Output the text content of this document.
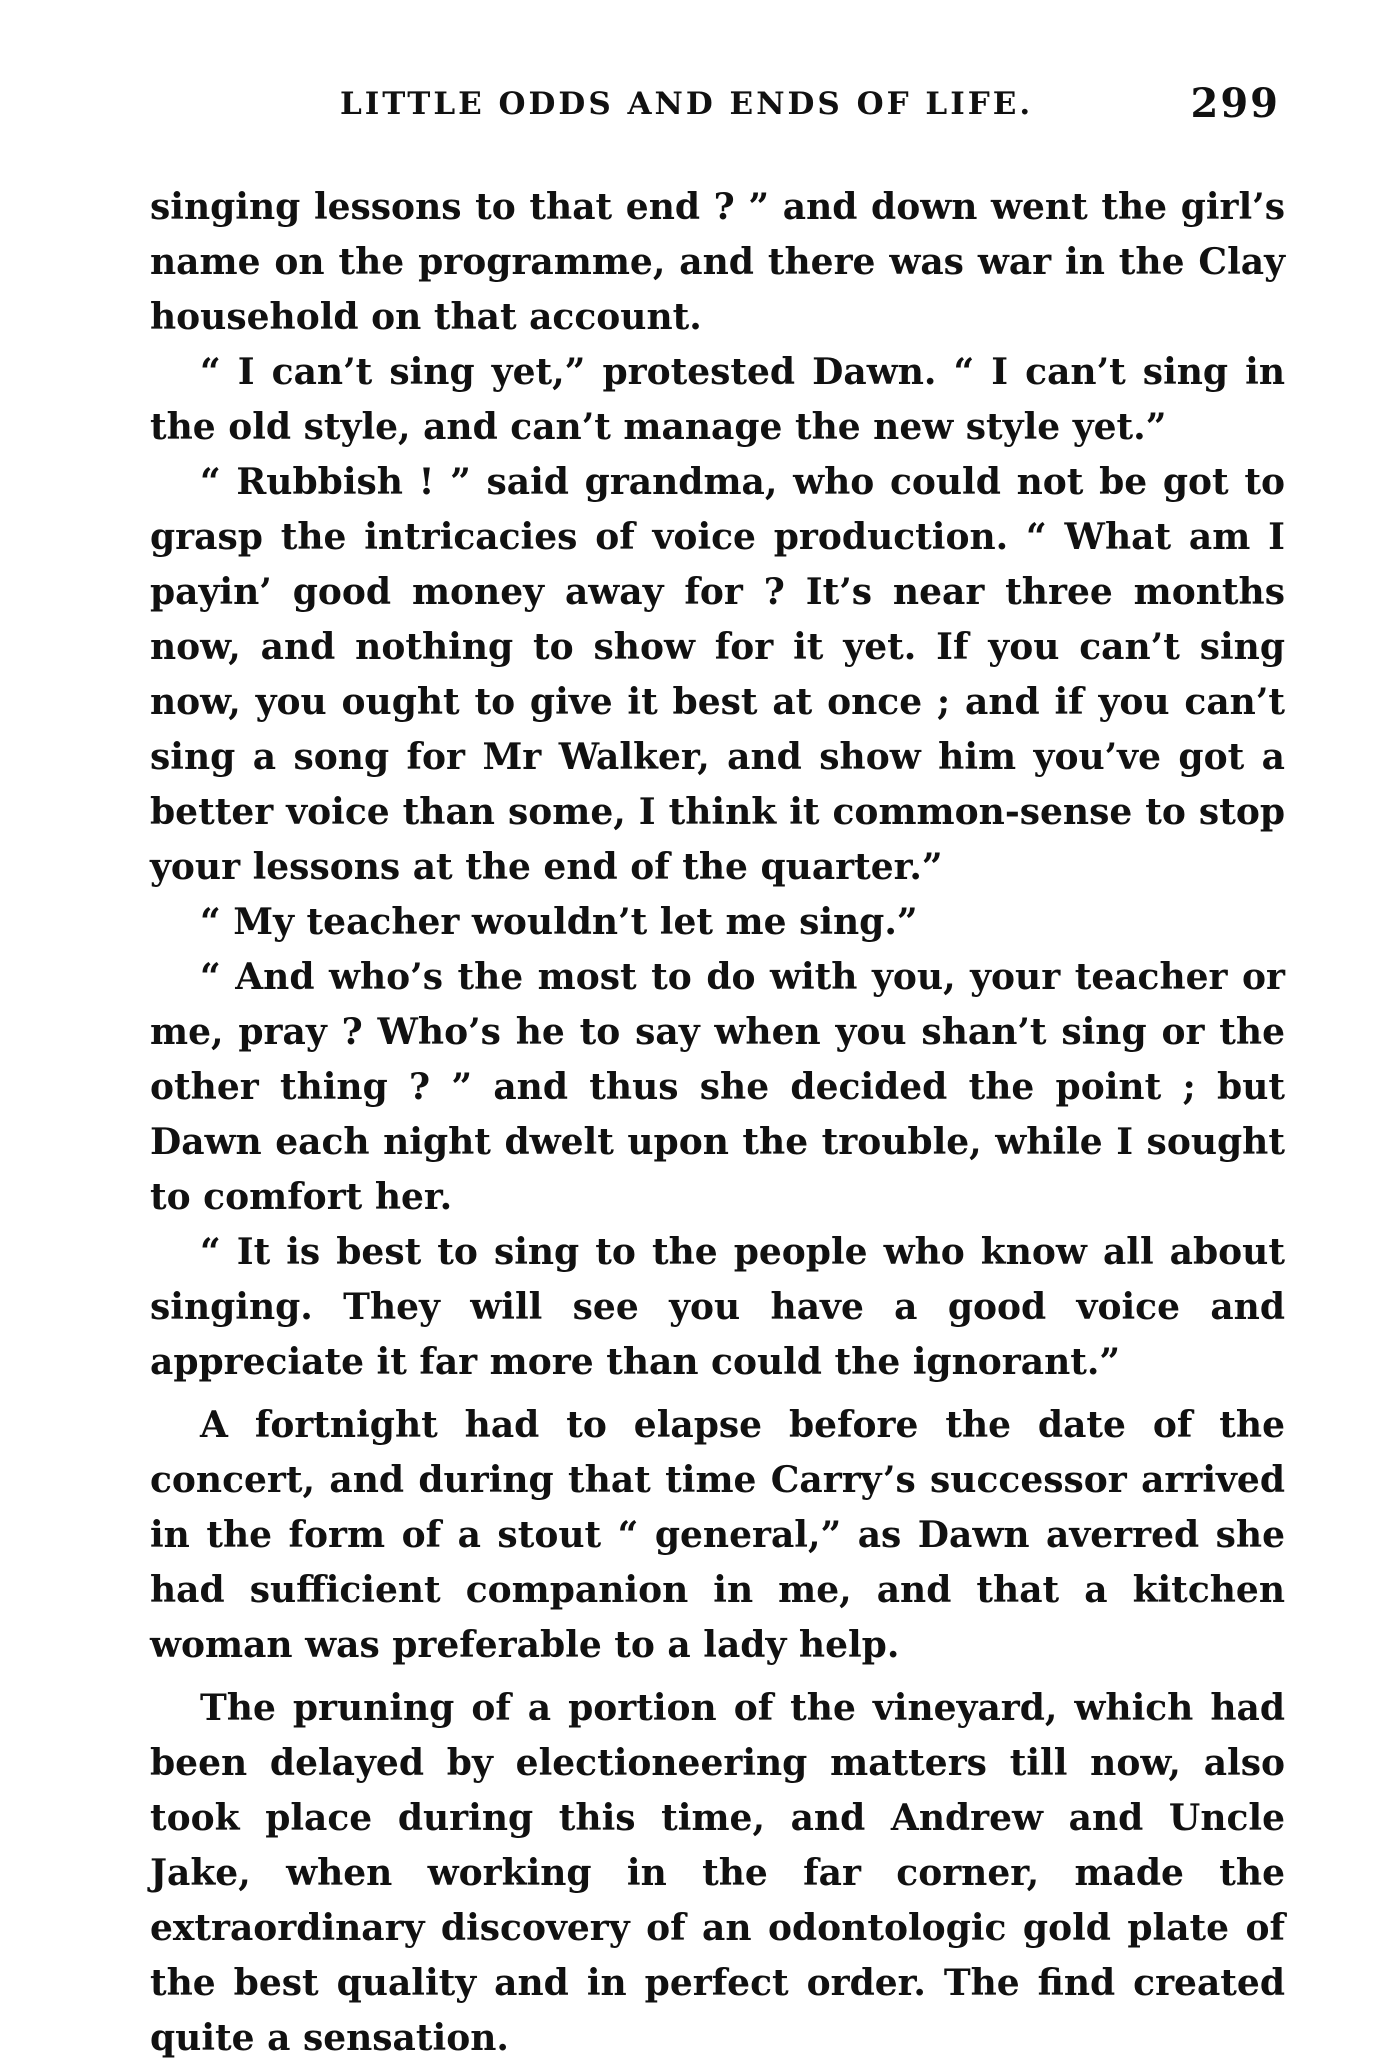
LITTLE ODDS AND ENDS OF LIFE.	299

singing lessons to that end ? ” and down went the girl’s name on the programme, and there was war in the Clay household on that account.

“ I can’t sing yet,” protested Dawn. “ I can’t sing in the old style, and can’t manage the new style yet.”

“ Rubbish ! ” said grandma, who could not be got to grasp the intricacies of voice production. “ What am I payin’ good money away for ? It’s near three months now, and nothing to show for it yet. If you can’t sing now, you ought to give it best at once ; and if you can’t sing a song for Mr Walker, and show him you’ve got a better voice than some, I think it common-sense to stop your lessons at the end of the quarter.”

“ My teacher wouldn’t let me sing.”

“ And who’s the most to do with you, your teacher or me, pray ? Who’s he to say when you shan’t sing or the other thing ? ” and thus she decided the point ; but Dawn each night dwelt upon the trouble, while I sought to comfort her.

“ It is best to sing to the people who know all about singing. They will see you have a good voice and appreciate it far more than could the ignorant.”

A fortnight had to elapse before the date of the concert, and during that time Carry’s successor arrived in the form of a stout “ general,” as Dawn averred she had sufficient companion in me, and that a kitchen woman was preferable to a lady help.

The pruning of a portion of the vineyard, which had been delayed by electioneering matters till now, also took place during this time, and Andrew and Uncle Jake, when working in the far corner, made the extraordinary discovery of an odontologic gold plate of the best quality and in perfect order. The find created quite a sensation.
